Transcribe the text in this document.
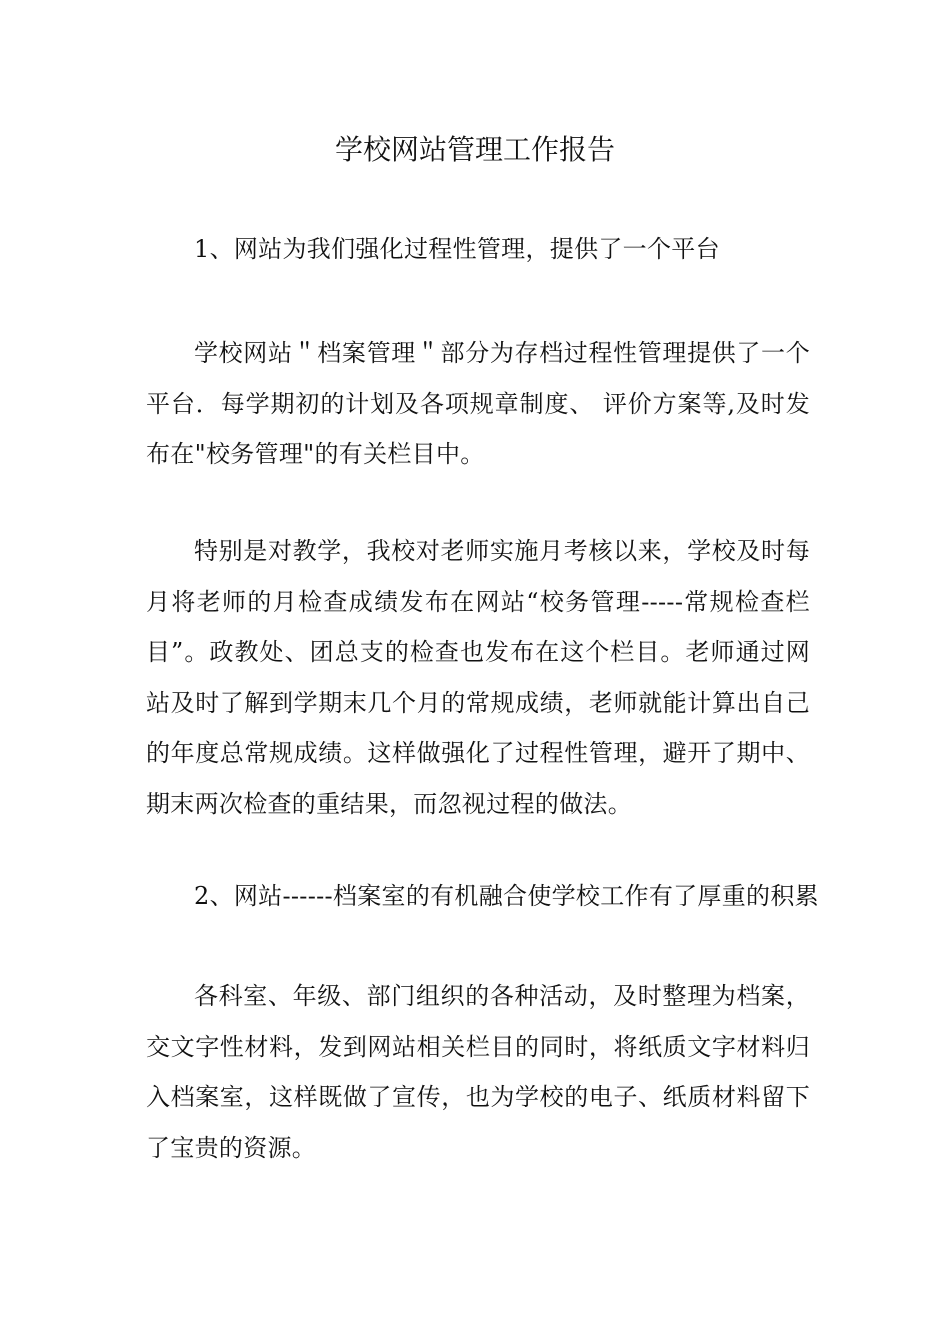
学校网站管理工作报告

1、网站为我们强化过程性管理，提供了一个平台

学校网站＂档案管理＂部分为存档过程性管理提供了一个平台．每学期初的计划及各项规章制度、 评价方案等,及时发布在"校务管理"的有关栏目中。

特别是对教学，我校对老师实施月考核以来，学校及时每月将老师的月检查成绩发布在网站“校务管理-----常规检查栏目”。政教处、团总支的检查也发布在这个栏目。老师通过网站及时了解到学期末几个月的常规成绩，老师就能计算出自己的年度总常规成绩。这样做强化了过程性管理，避开了期中、期末两次检查的重结果，而忽视过程的做法。

2、网站------档案室的有机融合使学校工作有了厚重的积累

各科室、年级、部门组织的各种活动，及时整理为档案，交文字性材料，发到网站相关栏目的同时，将纸质文字材料归入档案室，这样既做了宣传，也为学校的电子、纸质材料留下了宝贵的资源。
